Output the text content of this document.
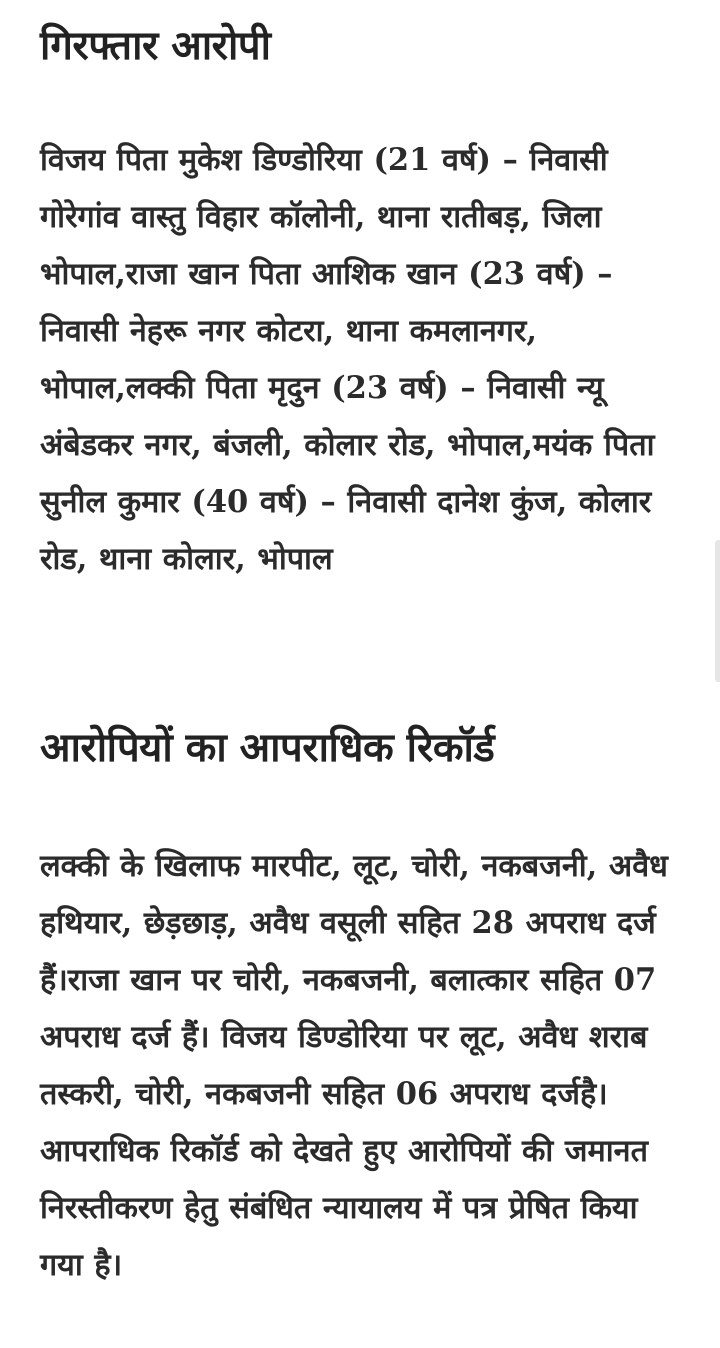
गिरफ्तार आरोपी

विजय पिता मुकेश डिण्डोरिया (21 वर्ष) – निवासी गोरेगांव वास्तु विहार कॉलोनी, थाना रातीबड़, जिला भोपाल,राजा खान पिता आशिक खान (23 वर्ष) – निवासी नेहरू नगर कोटरा, थाना कमलानगर, भोपाल,लक्की पिता मृदुन (23 वर्ष) – निवासी न्यू अंबेडकर नगर, बंजली, कोलार रोड, भोपाल,मयंक पिता सुनील कुमार (40 वर्ष) – निवासी दानेश कुंज, कोलार रोड, थाना कोलार, भोपाल

आरोपियों का आपराधिक रिकॉर्ड

लक्की के खिलाफ मारपीट, लूट, चोरी, नकबजनी, अवैध हथियार, छेड़छाड़, अवैध वसूली सहित 28 अपराध दर्ज हैं।राजा खान पर चोरी, नकबजनी, बलात्कार सहित 07 अपराध दर्ज हैं। विजय डिण्डोरिया पर लूट, अवैध शराब तस्करी, चोरी, नकबजनी सहित 06 अपराध दर्जहै।आपराधिक रिकॉर्ड को देखते हुए आरोपियों की जमानत निरस्तीकरण हेतु संबंधित न्यायालय में पत्र प्रेषित किया गया है।
